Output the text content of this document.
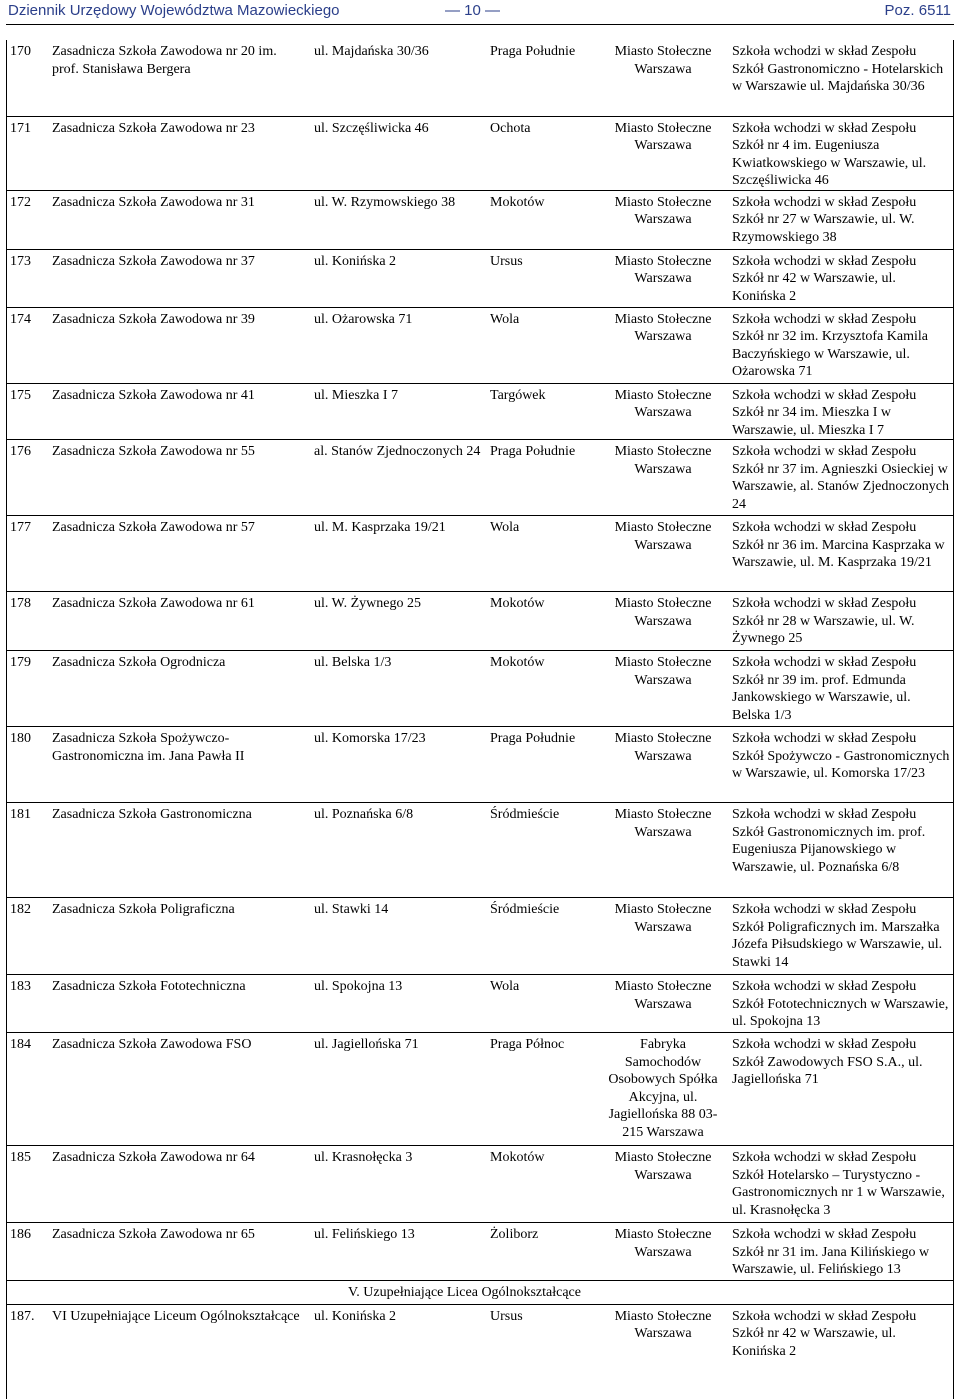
Dziennik Urzędowy Województwa Mazowieckiego	— 10 —	Poz. 6511
170	Zasadnicza Szkoła Zawodowa nr 20 im. prof. Stanisława Bergera	ul. Majdańska 30/36	Praga Południe	Miasto Stołeczne Warszawa	Szkoła wchodzi w skład Zespołu Szkół Gastronomiczno - Hotelarskich w Warszawie ul. Majdańska 30/36
171	Zasadnicza Szkoła Zawodowa nr 23	ul. Szczęśliwicka 46	Ochota	Miasto Stołeczne Warszawa	Szkoła wchodzi w skład Zespołu Szkół nr 4 im. Eugeniusza Kwiatkowskiego w Warszawie, ul. Szczęśliwicka 46
172	Zasadnicza Szkoła Zawodowa nr 31	ul. W. Rzymowskiego 38	Mokotów	Miasto Stołeczne Warszawa	Szkoła wchodzi w skład Zespołu Szkół nr 27 w Warszawie, ul. W. Rzymowskiego 38
173	Zasadnicza Szkoła Zawodowa nr 37	ul. Konińska 2	Ursus	Miasto Stołeczne Warszawa	Szkoła wchodzi w skład Zespołu Szkół nr 42 w Warszawie, ul. Konińska 2
174	Zasadnicza Szkoła Zawodowa nr 39	ul. Ożarowska 71	Wola	Miasto Stołeczne Warszawa	Szkoła wchodzi w skład Zespołu Szkół nr 32 im. Krzysztofa Kamila Baczyńskiego w Warszawie, ul. Ożarowska 71
175	Zasadnicza Szkoła Zawodowa nr 41	ul. Mieszka I 7	Targówek	Miasto Stołeczne Warszawa	Szkoła wchodzi w skład Zespołu Szkół nr 34 im. Mieszka I w Warszawie, ul. Mieszka I 7
176	Zasadnicza Szkoła Zawodowa nr 55	al. Stanów Zjednoczonych 24	Praga Południe	Miasto Stołeczne Warszawa	Szkoła wchodzi w skład Zespołu Szkół nr 37 im. Agnieszki Osieckiej w Warszawie, al. Stanów Zjednoczonych 24
177	Zasadnicza Szkoła Zawodowa nr 57	ul. M. Kasprzaka 19/21	Wola	Miasto Stołeczne Warszawa	Szkoła wchodzi w skład Zespołu Szkół nr 36 im. Marcina Kasprzaka w Warszawie, ul. M. Kasprzaka 19/21
178	Zasadnicza Szkoła Zawodowa nr 61	ul. W. Żywnego 25	Mokotów	Miasto Stołeczne Warszawa	Szkoła wchodzi w skład Zespołu Szkół nr 28 w Warszawie, ul. W. Żywnego 25
179	Zasadnicza Szkoła Ogrodnicza	ul. Belska 1/3	Mokotów	Miasto Stołeczne Warszawa	Szkoła wchodzi w skład Zespołu Szkół nr 39 im. prof. Edmunda Jankowskiego w Warszawie, ul. Belska 1/3
180	Zasadnicza Szkoła Spożywczo-Gastronomiczna im. Jana Pawła II	ul. Komorska 17/23	Praga Południe	Miasto Stołeczne Warszawa	Szkoła wchodzi w skład Zespołu Szkół Spożywczo - Gastronomicznych w Warszawie, ul. Komorska 17/23
181	Zasadnicza Szkoła Gastronomiczna	ul. Poznańska 6/8	Śródmieście	Miasto Stołeczne Warszawa	Szkoła wchodzi w skład Zespołu Szkół Gastronomicznych im. prof. Eugeniusza Pijanowskiego w Warszawie, ul. Poznańska 6/8
182	Zasadnicza Szkoła Poligraficzna	ul. Stawki 14	Śródmieście	Miasto Stołeczne Warszawa	Szkoła wchodzi w skład Zespołu Szkół Poligraficznych im. Marszałka Józefa Piłsudskiego w Warszawie, ul. Stawki 14
183	Zasadnicza Szkoła Fototechniczna	ul. Spokojna 13	Wola	Miasto Stołeczne Warszawa	Szkoła wchodzi w skład Zespołu Szkół Fototechnicznych w Warszawie, ul. Spokojna 13
184	Zasadnicza Szkoła Zawodowa FSO	ul. Jagiellońska 71	Praga Północ	Fabryka Samochodów Osobowych Spółka Akcyjna, ul. Jagiellońska 88 03-215 Warszawa	Szkoła wchodzi w skład Zespołu Szkół Zawodowych FSO S.A., ul. Jagiellońska 71
185	Zasadnicza Szkoła Zawodowa nr 64	ul. Krasnołęcka 3	Mokotów	Miasto Stołeczne Warszawa	Szkoła wchodzi w skład Zespołu Szkół Hotelarsko – Turystyczno - Gastronomicznych nr 1 w Warszawie, ul. Krasnołęcka 3
186	Zasadnicza Szkoła Zawodowa nr 65	ul. Felińskiego 13	Żoliborz	Miasto Stołeczne Warszawa	Szkoła wchodzi w skład Zespołu Szkół nr 31 im. Jana Kilińskiego w Warszawie, ul. Felińskiego 13
V. Uzupełniające Licea Ogólnokształcące					
187.	VI Uzupełniające Liceum Ogólnokształcące	ul. Konińska 2	Ursus	Miasto Stołeczne Warszawa	Szkoła wchodzi w skład Zespołu Szkół nr 42 w Warszawie, ul. Konińska 2
